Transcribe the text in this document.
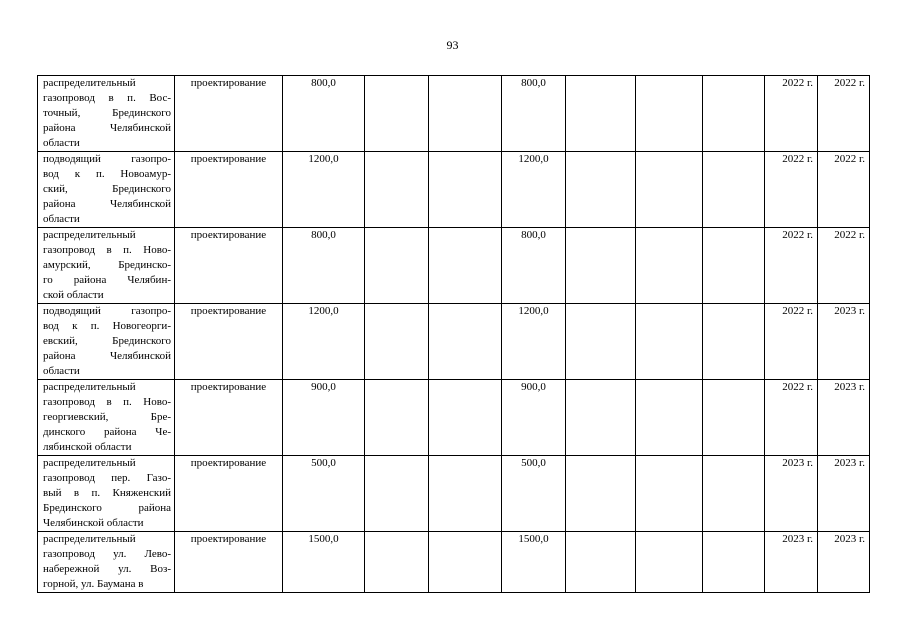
93
распределительный
газопровод в п. Вос-
точный, Брединского
района Челябинской
области	проектирование	800,0			800,0				2022 г.	2022 г.

подводящий газопро-
вод к п. Новоамур-
ский, Брединского
района Челябинской
области	проектирование	1200,0			1200,0				2022 г.	2022 г.

распределительный
газопровод в п. Ново-
амурский, Брединско-
го района Челябин-
ской области	проектирование	800,0			800,0				2022 г.	2022 г.

подводящий газопро-
вод к п. Новогеорги-
евский, Брединского
района Челябинской
области	проектирование	1200,0			1200,0				2022 г.	2023 г.

распределительный
газопровод в п. Ново-
георгиевский, Бре-
динского района Че-
лябинской области	проектирование	900,0			900,0				2022 г.	2023 г.

распределительный
газопровод пер. Газо-
вый в п. Княженский
Брединского района
Челябинской области	проектирование	500,0			500,0				2023 г.	2023 г.

распределительный
газопровод ул. Лево-
набережной ул. Воз-
горной, ул. Баумана в	проектирование	1500,0			1500,0				2023 г.	2023 г.
